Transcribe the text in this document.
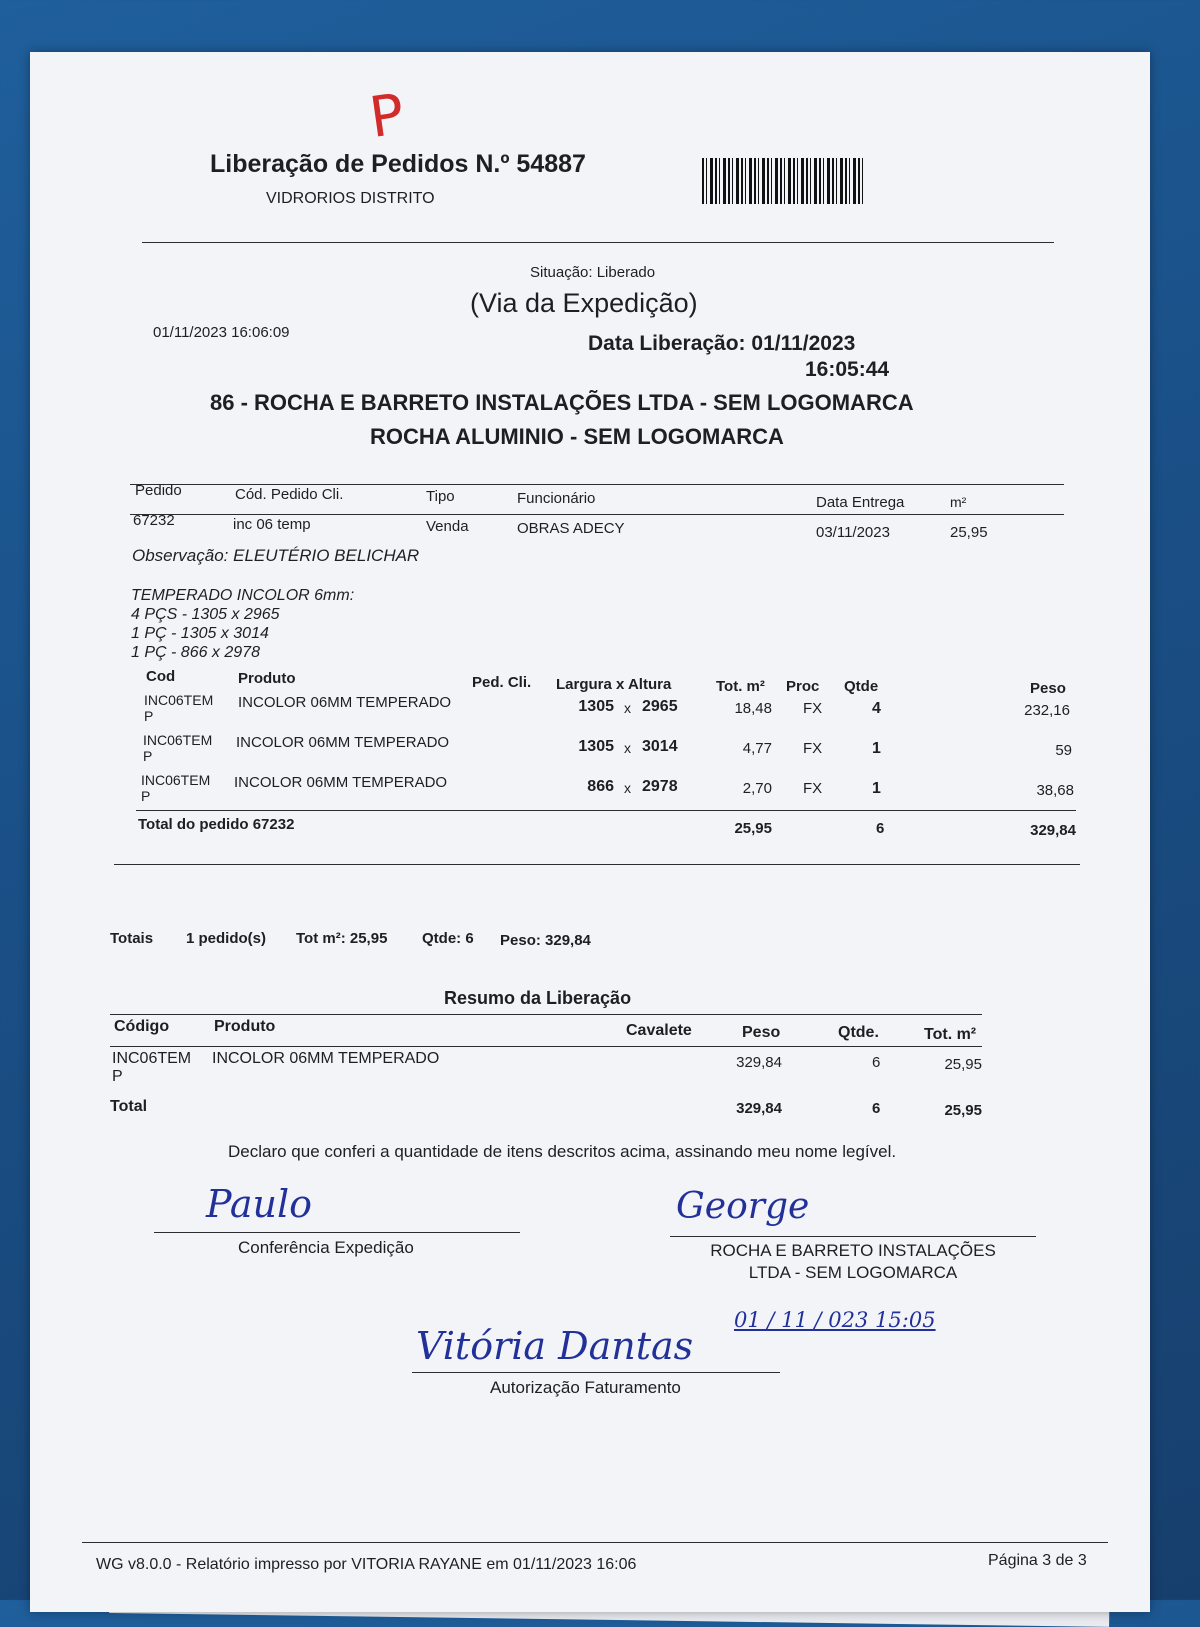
P
Liberação de Pedidos N.º 54887
VIDRORIOS DISTRITO
Situação: Liberado
(Via da Expedição)
01/11/2023 16:06:09	Data Liberação: 01/11/2023
16:05:44
86 - ROCHA E BARRETO INSTALAÇÕES LTDA - SEM LOGOMARCA
ROCHA ALUMINIO - SEM LOGOMARCA
Pedido	Cód. Pedido Cli.	Tipo	Funcionário	Data Entrega	m²
67232	inc 06 temp	Venda	OBRAS ADECY	03/11/2023	25,95
Observação: ELEUTÉRIO BELICHAR
TEMPERADO INCOLOR 6mm:
4 PÇS - 1305 x 2965
1 PÇ - 1305 x 3014
1 PÇ - 866 x 2978
Cod	Produto	Ped. Cli. Largura x Altura	Tot. m² Proc Qtde	Peso
INC06TEM
P
INCOLOR 06MM TEMPERADO	1305 x 2965	18,48 FX	4	232,16
INC06TEM
P
INCOLOR 06MM TEMPERADO	1305 x 3014	4,77 FX	1	59
INC06TEM
P
INCOLOR 06MM TEMPERADO	866 x 2978	2,70 FX	1	38,68
Total do pedido 67232	25,95	6	329,84
Totais 1 pedido(s) Tot m²: 25,95 Qtde: 6 Peso: 329,84
Resumo da Liberação
Código	Produto	Cavalete	Peso	Qtde.	Tot. m²
INC06TEM
P
INCOLOR 06MM TEMPERADO	329,84	6	25,95
Total	329,84	6	25,95
Declaro que conferi a quantidade de itens descritos acima, assinando meu nome legível.
Paulo
Conferência Expedição
George
ROCHA E BARRETO INSTALAÇÕES
LTDA - SEM LOGOMARCA
01 / 11 / 023 15:05
Vitória Dantas
Autorização Faturamento
WG v8.0.0 - Relatório impresso por VITORIA RAYANE em 01/11/2023 16:06	Página 3 de 3
